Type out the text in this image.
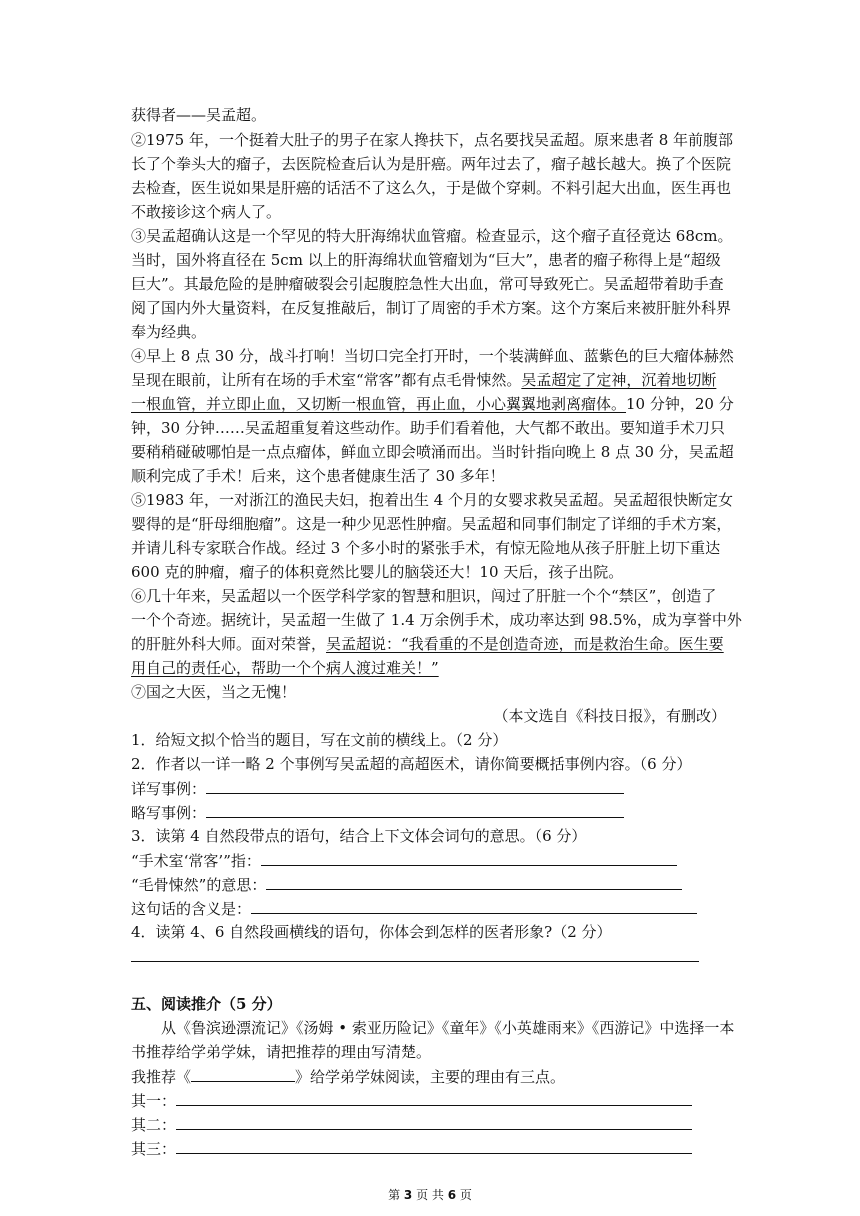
获得者——吴孟超。
②1975 年，一个挺着大肚子的男子在家人搀扶下，点名要找吴孟超。原来患者 8 年前腹部
长了个拳头大的瘤子，去医院检查后认为是肝癌。两年过去了，瘤子越长越大。换了个医院
去检查，医生说如果是肝癌的话活不了这么久，于是做个穿刺。不料引起大出血，医生再也
不敢接诊这个病人了。
③吴孟超确认这是一个罕见的特大肝海绵状血管瘤。检查显示，这个瘤子直径竟达 68cm。
当时，国外将直径在 5cm 以上的肝海绵状血管瘤划为“巨大”，患者的瘤子称得上是“超级
巨大”。其最危险的是肿瘤破裂会引起腹腔急性大出血，常可导致死亡。吴孟超带着助手查
阅了国内外大量资料，在反复推敲后，制订了周密的手术方案。这个方案后来被肝脏外科界
奉为经典。
④早上 8 点 30 分，战斗打响！当切口完全打开时，一个装满鲜血、蓝紫色的巨大瘤体赫然
呈现在眼前，让所有在场的手术室“常客”都有点毛骨悚然。吴孟超定了定神，沉着地切断
一根血管，并立即止血，又切断一根血管，再止血，小心翼翼地剥离瘤体。10 分钟，20 分
钟，30 分钟……吴孟超重复着这些动作。助手们看着他，大气都不敢出。要知道手术刀只
要稍稍碰破哪怕是一点点瘤体，鲜血立即会喷涌而出。当时针指向晚上 8 点 30 分，吴孟超
顺利完成了手术！后来，这个患者健康生活了 30 多年！
⑤1983 年，一对浙江的渔民夫妇，抱着出生 4 个月的女婴求救吴孟超。吴孟超很快断定女
婴得的是“肝母细胞瘤”。这是一种少见恶性肿瘤。吴孟超和同事们制定了详细的手术方案，
并请儿科专家联合作战。经过 3 个多小时的紧张手术，有惊无险地从孩子肝脏上切下重达
600 克的肿瘤，瘤子的体积竟然比婴儿的脑袋还大！10 天后，孩子出院。
⑥几十年来，吴孟超以一个医学科学家的智慧和胆识，闯过了肝脏一个个“禁区”，创造了
一个个奇迹。据统计，吴孟超一生做了 1.4 万余例手术，成功率达到 98.5%，成为享誉中外
的肝脏外科大师。面对荣誉，吴孟超说：“我看重的不是创造奇迹，而是救治生命。医生要
用自己的责任心，帮助一个个病人渡过难关！”
⑦国之大医，当之无愧！
（本文选自《科技日报》，有删改）
1．给短文拟个恰当的题目，写在文前的横线上。（2 分）
2．作者以一详一略 2 个事例写吴孟超的高超医术，请你简要概括事例内容。（6 分）
详写事例：
略写事例：
3．读第 4 自然段带点的语句，结合上下文体会词句的意思。（6 分）
“手术室‘常客’”指：
“毛骨悚然”的意思：
这句话的含义是：
4．读第 4、6 自然段画横线的语句，你体会到怎样的医者形象?（2 分）
五、阅读推介（5 分）
从《鲁滨逊漂流记》《汤姆 • 索亚历险记》《童年》《小英雄雨来》《西游记》中选择一本
书推荐给学弟学妹，请把推荐的理由写清楚。
我推荐《	》给学弟学妹阅读，主要的理由有三点。
其一：
其二：
其三：
第 3 页 共 6 页
